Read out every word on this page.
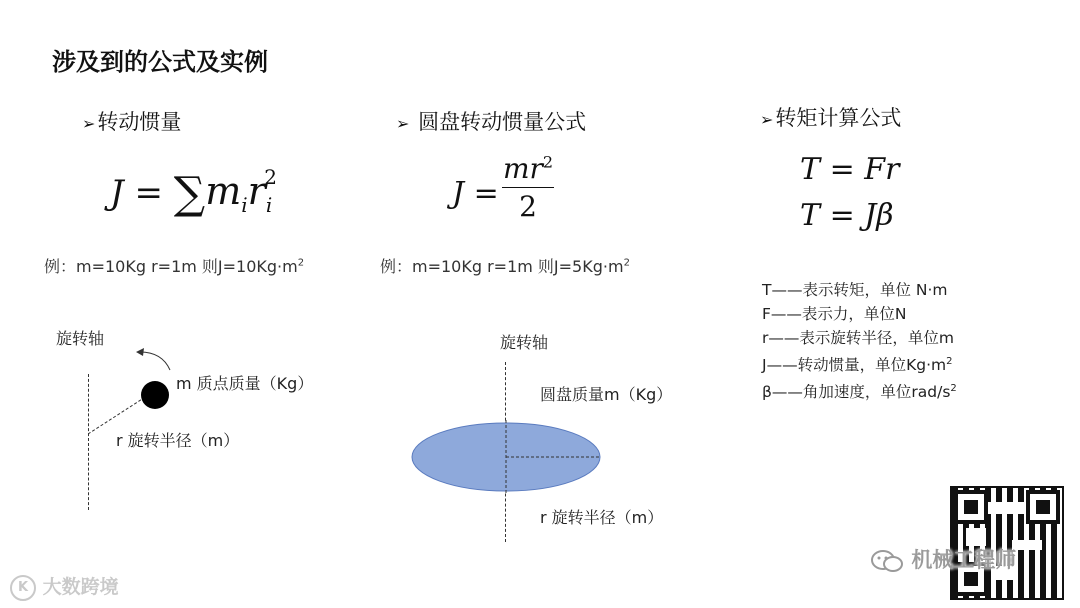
涉及到的公式及实例
➢转动惯量
$J = \sum m_ir_i^2$
例：m=10Kg r=1m 则$J=10Kg\cdot m^2$
➢ 圆盘转动惯量公式
J =
$mr^2$
2
例：m=10Kg r=1m 则$J=5Kg\cdot m^2$
➢转矩计算公式
T = Fr
T = Jβ
T——表示转矩，单位 N·m
F——表示力，单位N
r——表示旋转半径，单位m
J——转动惯量，单位$Kg\cdot m^2$
β——角加速度，单位rad/$s^2$
旋转轴
m 质点质量（Kg）
r 旋转半径（m）
旋转轴
圆盘质量m（Kg）
r 旋转半径（m）
K 大数跨境
机械工程师
